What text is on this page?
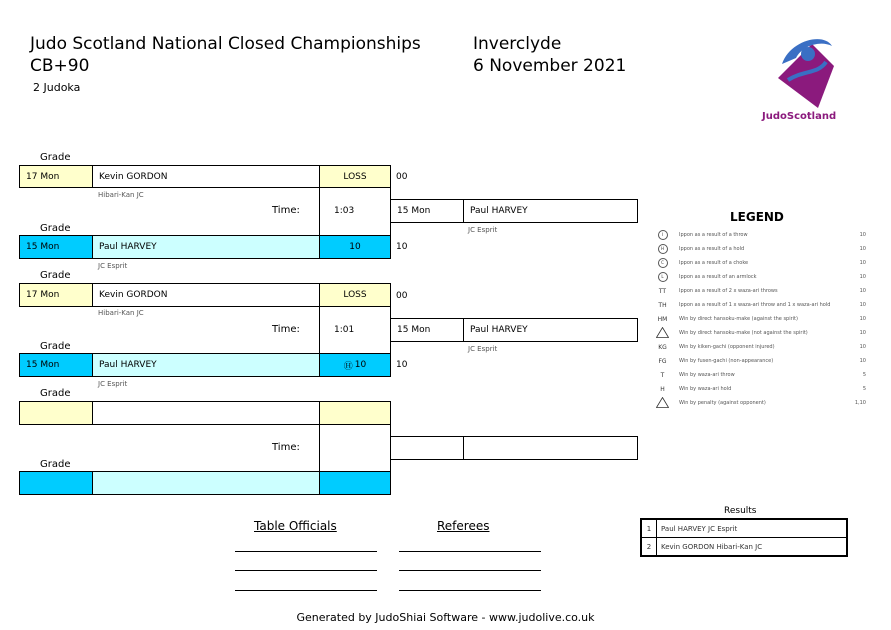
Judo Scotland National Closed Championships
CB+90
2 Judoka
Inverclyde
6 November 2021
JudoScotland
Grade
17 Mon	Kevin GORDON	LOSS	00
Hibari-Kan JC
Time:	1:03	15 Mon	Paul HARVEY
JC Esprit
Grade
15 Mon	Paul HARVEY	10	10
JC Esprit
Grade
17 Mon	Kevin GORDON	LOSS	00
Hibari-Kan JC
Time:	1:01	15 Mon	Paul HARVEY
JC Esprit
Grade
15 Mon	Paul HARVEY	Ⓗ 10	10
JC Esprit
Grade
Time:
Grade
LEGEND
I	Ippon as a result of a throw	10
H	Ippon as a result of a hold	10
C	Ippon as a result of a choke	10
L	Ippon as a result of an armlock	10
TT	Ippon as a result of 2 x waza-ari throws	10
TH	Ippon as a result of 1 x waza-ari throw and 1 x waza-ari hold	10
HM	Win by direct hansoku-make (against the spirit)	10
Win by direct hansoku-make (not against the spirit)	10
KG	Win by kiken-gachi (opponent injured)	10
FG	Win by fusen-gachi (non-appearance)	10
T	Win by waza-ari throw	5
H	Win by waza-ari hold	5
Win by penalty (against opponent)	1,10
Results
1	Paul HARVEY JC Esprit
2	Kevin GORDON Hibari-Kan JC
Table Officials	Referees
Generated by JudoShiai Software - www.judolive.co.uk
